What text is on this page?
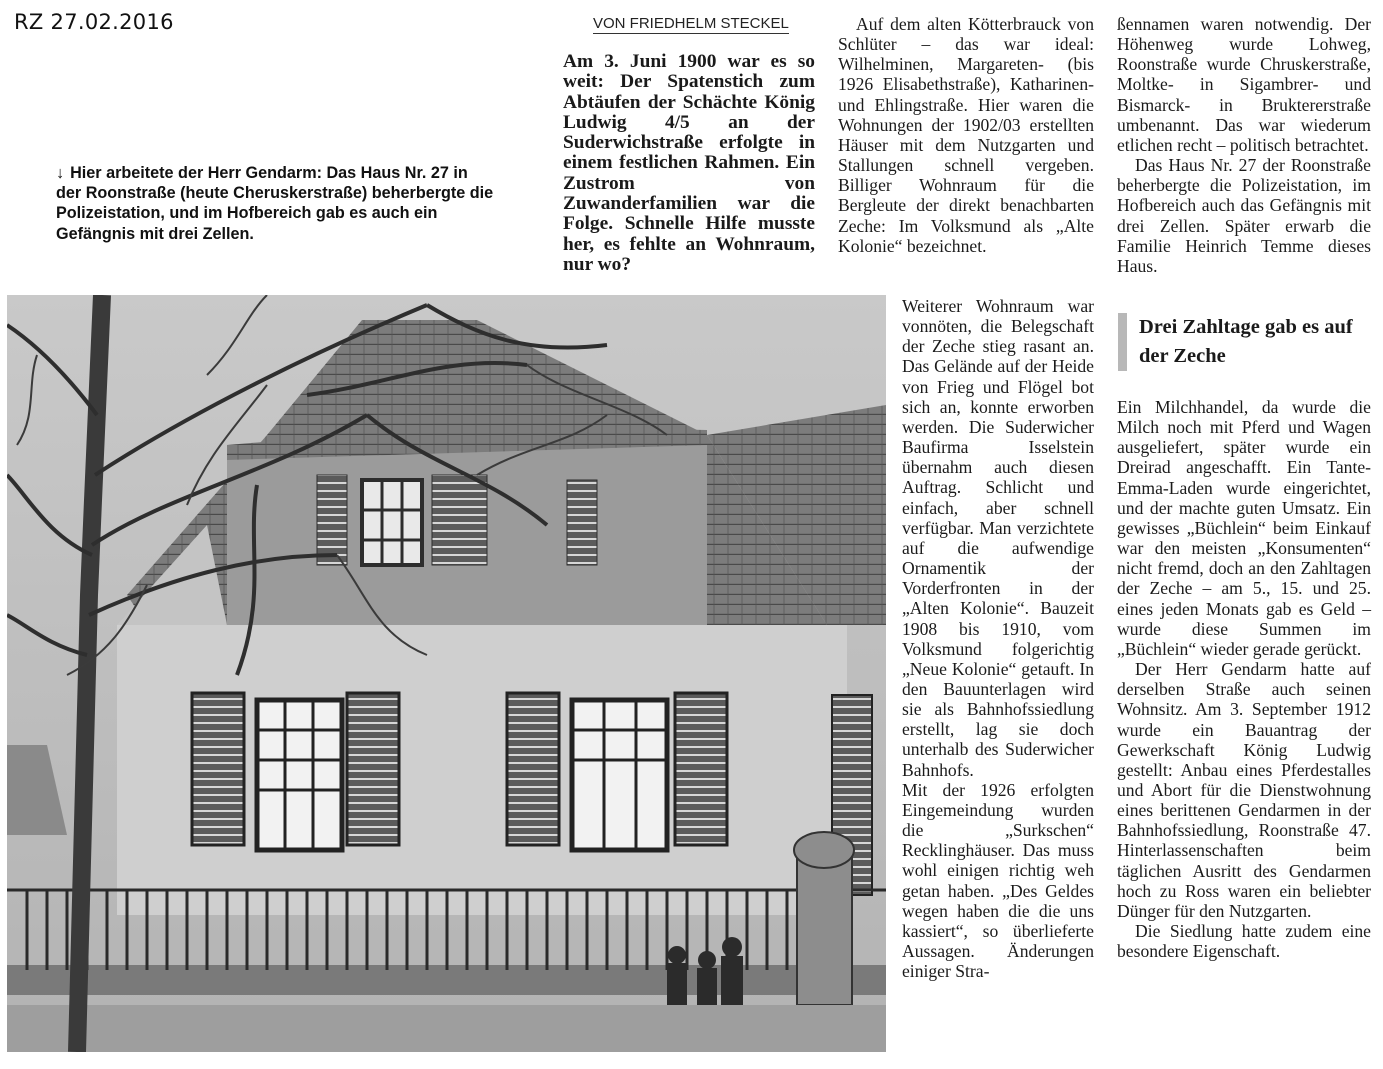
RZ 27.02.2016	VON FRIEDHELM STECKEL
Am 3. Juni 1900 war es so weit: Der Spatenstich zum Abtäufen der Schächte König Ludwig 4/5 an der Suderwichstraße erfolgte in einem festlichen Rahmen. Ein Zustrom von Zuwanderfamilien war die Folge. Schnelle Hilfe musste her, es fehlte an Wohnraum, nur wo?
↓ Hier arbeitete der Herr Gendarm: Das Haus Nr. 27 in der Roonstraße (heute Cheruskerstraße) beherbergte die Polizeistation, und im Hofbereich gab es auch ein Gefängnis mit drei Zellen.

Auf dem alten Kötterbrauck von Schlüter – das war ideal: Wilhelminen, Margareten- (bis 1926 Elisabethstraße), Katharinen- und Ehlingstraße. Hier waren die Wohnungen der 1902/03 erstellten Häuser mit dem Nutzgarten und Stallungen schnell vergeben. Billiger Wohnraum für die Bergleute der direkt benachbarten Zeche: Im Volksmund als „Alte Kolonie“ bezeichnet.

Weiterer Wohnraum war vonnöten, die Belegschaft der Zeche stieg rasant an. Das Gelände auf der Heide von Frieg und Flögel bot sich an, konnte erworben werden. Die Suderwicher Baufirma Isselstein übernahm auch diesen Auftrag. Schlicht und einfach, aber schnell verfügbar. Man verzichtete auf die aufwendige Ornamentik der Vorderfronten in der „Alten Kolonie“. Bauzeit 1908 bis 1910, vom Volksmund folgerichtig „Neue Kolonie“ getauft. In den Bauunterlagen wird sie als Bahnhofssiedlung erstellt, lag sie doch unterhalb des Suderwicher Bahnhofs.

Mit der 1926 erfolgten Eingemeindung wurden die „Surkschen“ Recklinghäuser. Das muss wohl einigen richtig weh getan haben. „Des Geldes wegen haben die die uns kassiert“, so überlieferte Aussagen. Änderungen einiger Stra-

ßennamen waren notwendig. Der Höhenweg wurde Lohweg, Roonstraße wurde Chruskerstraße, Moltke- in Sigambrer- und Bismarck- in Bruktererstraße umbenannt. Das war wiederum etlichen recht – politisch betrachtet.

Das Haus Nr. 27 der Roonstraße beherbergte die Polizeistation, im Hofbereich auch das Gefängnis mit drei Zellen. Später erwarb die Familie Heinrich Temme dieses Haus.

Drei Zahltage gab es auf der Zeche

Ein Milchhandel, da wurde die Milch noch mit Pferd und Wagen ausgeliefert, später wurde ein Dreirad angeschafft. Ein Tante-Emma-Laden wurde eingerichtet, und der machte guten Umsatz. Ein gewisses „Büchlein“ beim Einkauf war den meisten „Konsumenten“ nicht fremd, doch an den Zahltagen der Zeche – am 5., 15. und 25. eines jeden Monats gab es Geld – wurde diese Summen im „Büchlein“ wieder gerade gerückt.

Der Herr Gendarm hatte auf derselben Straße auch seinen Wohnsitz. Am 3. September 1912 wurde ein Bauantrag der Gewerkschaft König Ludwig gestellt: Anbau eines Pferdestalles und Abort für die Dienstwohnung eines berittenen Gendarmen in der Bahnhofssiedlung, Roonstraße 47. Hinterlassenschaften beim täglichen Ausritt des Gendarmen hoch zu Ross waren ein beliebter Dünger für den Nutzgarten.

Die Siedlung hatte zudem eine besondere Eigenschaft.
